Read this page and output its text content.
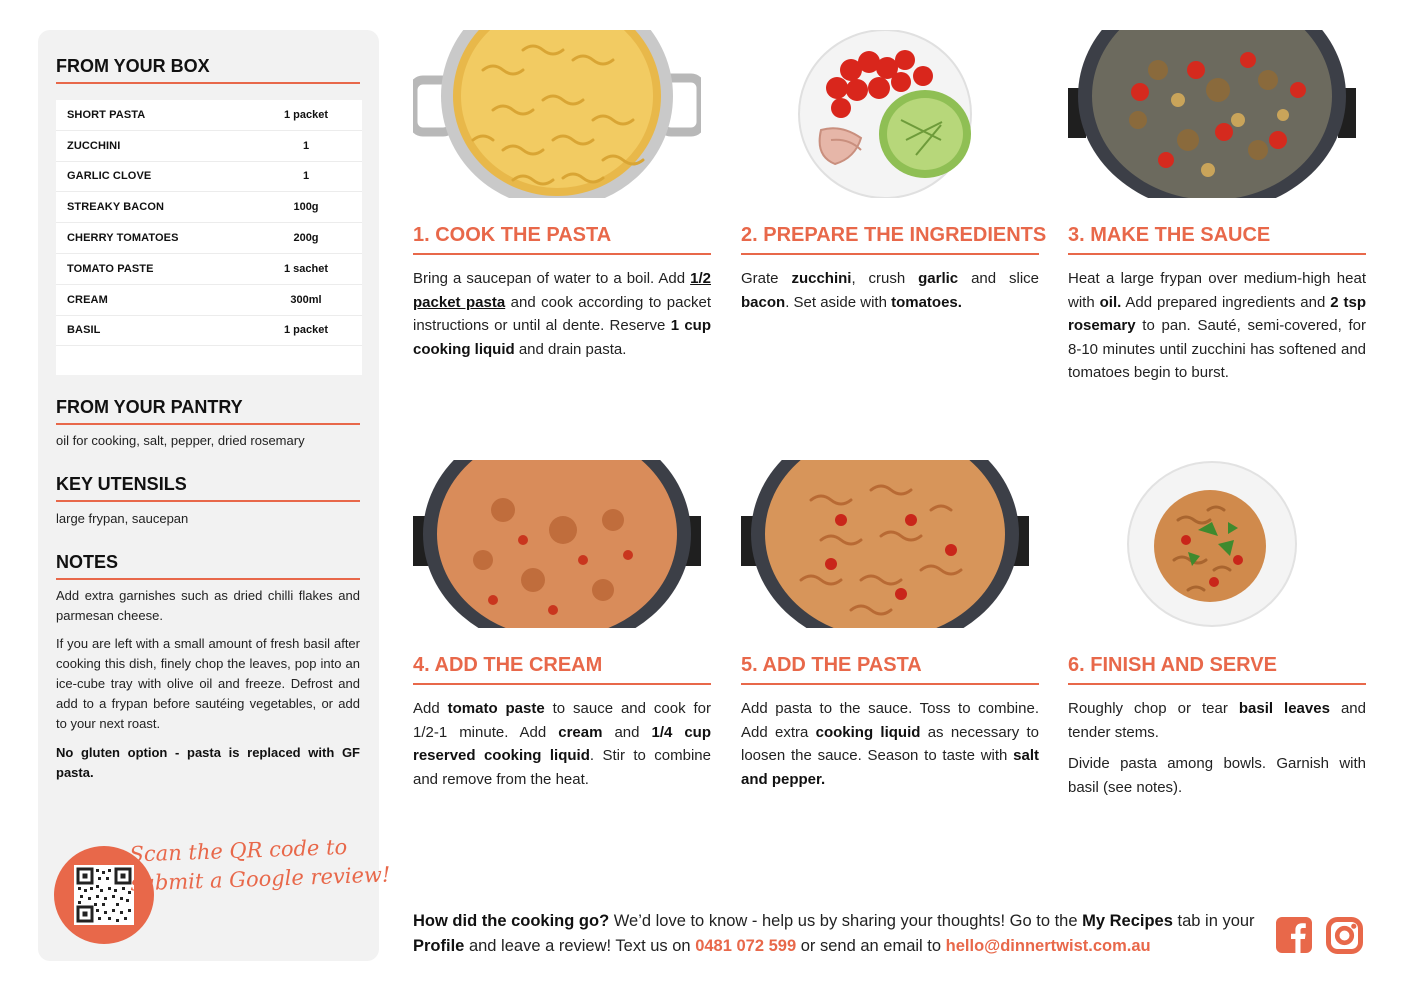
FROM YOUR BOX
SHORT PASTA	1 packet
ZUCCHINI	1
GARLIC CLOVE	1
STREAKY BACON	100g
CHERRY TOMATOES	200g
TOMATO PASTE	1 sachet
CREAM	300ml
BASIL	1 packet
FROM YOUR PANTRY
oil for cooking, salt, pepper, dried rosemary
KEY UTENSILS
large frypan, saucepan
NOTES
Add extra garnishes such as dried chilli flakes and parmesan cheese.
If you are left with a small amount of fresh basil after cooking this dish, finely chop the leaves, pop into an ice-cube tray with olive oil and freeze. Defrost and add to a frypan before sautéing vegetables, or add to your next roast.
No gluten option - pasta is replaced with GF pasta.
Scan the QR code to
submit a Google review!
1. COOK THE PASTA

Bring a saucepan of water to a boil. Add 1/2 packet pasta and cook according to packet instructions or until al dente. Reserve 1 cup cooking liquid and drain pasta.

2. PREPARE THE INGREDIENTS

Grate zucchini, crush garlic and slice bacon. Set aside with tomatoes.

3. MAKE THE SAUCE

Heat a large frypan over medium-high heat with oil. Add prepared ingredients and 2 tsp rosemary to pan. Sauté, semi-covered, for 8-10 minutes until zucchini has softened and tomatoes begin to burst.

4. ADD THE CREAM

Add tomato paste to sauce and cook for 1/2-1 minute. Add cream and 1/4 cup reserved cooking liquid. Stir to combine and remove from the heat.

5. ADD THE PASTA

Add pasta to the sauce. Toss to combine. Add extra cooking liquid as necessary to loosen the sauce. Season to taste with salt and pepper.

6. FINISH AND SERVE

Roughly chop or tear basil leaves and tender stems.

Divide pasta among bowls. Garnish with basil (see notes).

How did the cooking go? We’d love to know - help us by sharing your thoughts! Go to the My Recipes tab in your Profile and leave a review! Text us on 0481 072 599 or send an email to hello@dinnertwist.com.au
